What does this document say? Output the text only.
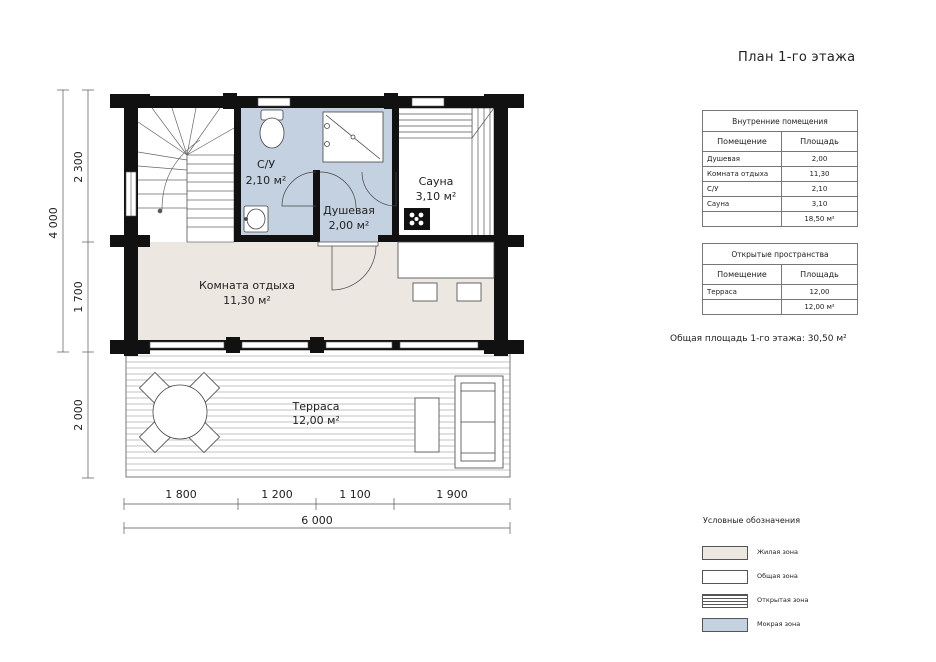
С/У
2,10 м²
Душевая
2,00 м²
Сауна
3,10 м²
Комната отдыха
11,30 м²
Терраса
12,00 м²
2 300
1 700
4 000
2 000
1 800	1 200	1 100	1 900
6 000
План 1-го этажа
Внутренние помещения	
Помещение	Площадь
Душевая	2,00
Комната отдыха	11,30
С/У	2,10
Сауна	3,10
	18,50 м²
Открытые пространства	
Помещение	Площадь
Терраса	12,00
	12,00 м²
Общая площадь 1-го этажа: 30,50 м²
Условные обозначения
Жилая зона
Общая зона
Открытая зона
Мокрая зона
